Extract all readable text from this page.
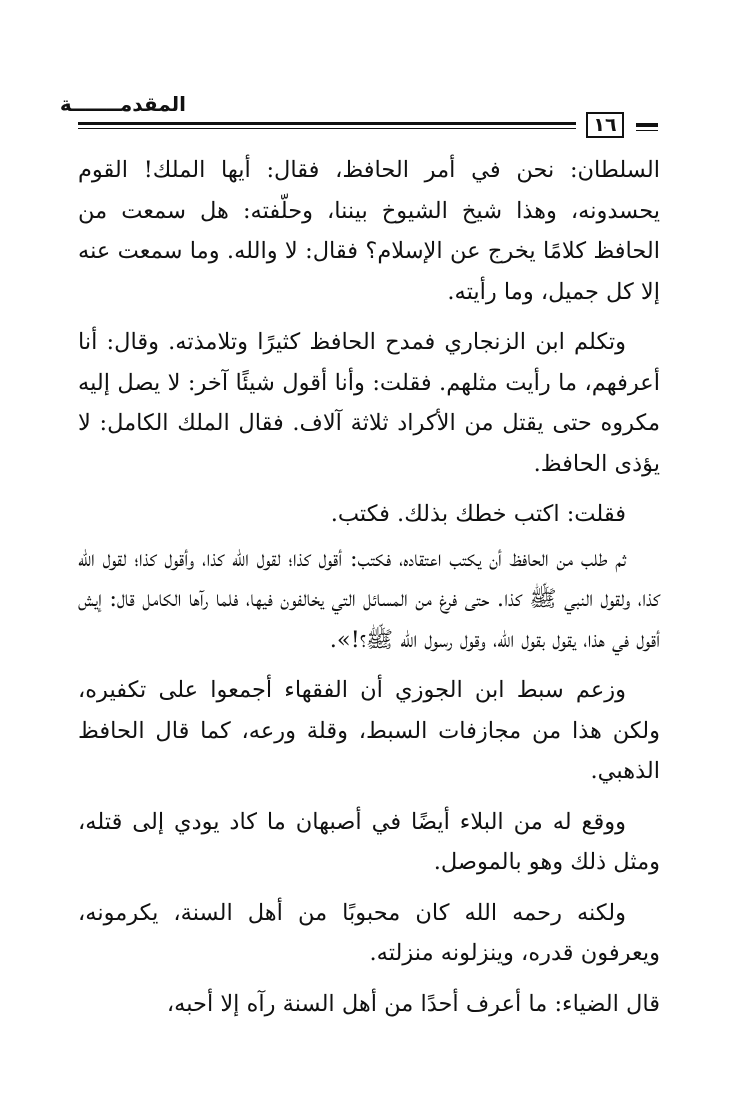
المقدمـــــــة
١٦

السلطان: نحن في أمر الحافظ، فقال: أيها الملك! القوم يحسدونه، وهذا شيخ الشيوخ بيننا، وحلّفته: هل سمعت من الحافظ كلامًا يخرج عن الإسلام؟ فقال: لا والله. وما سمعت عنه إلا كل جميل، وما رأيته.

وتكلم ابن الزنجاري فمدح الحافظ كثيرًا وتلامذته. وقال: أنا أعرفهم، ما رأيت مثلهم. فقلت: وأنا أقول شيئًا آخر: لا يصل إليه مكروه حتى يقتل من الأكراد ثلاثة آلاف. فقال الملك الكامل: لا يؤذى الحافظ.

فقلت: اكتب خطك بذلك. فكتب.

ثم طلب من الحافظ أن يكتب اعتقاده، فكتب: أقول كذا؛ لقول الله كذا، وأقول كذا؛ لقول الله كذا، ولقول النبي ﷺ كذا. حتى فرغ من المسائل التي يخالفون فيها، فلما رآها الكامل قال: إيش أقول في هذا، يقول بقول الله، وقول رسول الله ﷺ؟!».

وزعم سبط ابن الجوزي أن الفقهاء أجمعوا على تكفيره، ولكن هذا من مجازفات السبط، وقلة ورعه، كما قال الحافظ الذهبي.

ووقع له من البلاء أيضًا في أصبهان ما كاد يودي إلى قتله، ومثل ذلك وهو بالموصل.

ولكنه رحمه الله كان محبوبًا من أهل السنة، يكرمونه، ويعرفون قدره، وينزلونه منزلته.

قال الضياء: ما أعرف أحدًا من أهل السنة رآه إلا أحبه،
